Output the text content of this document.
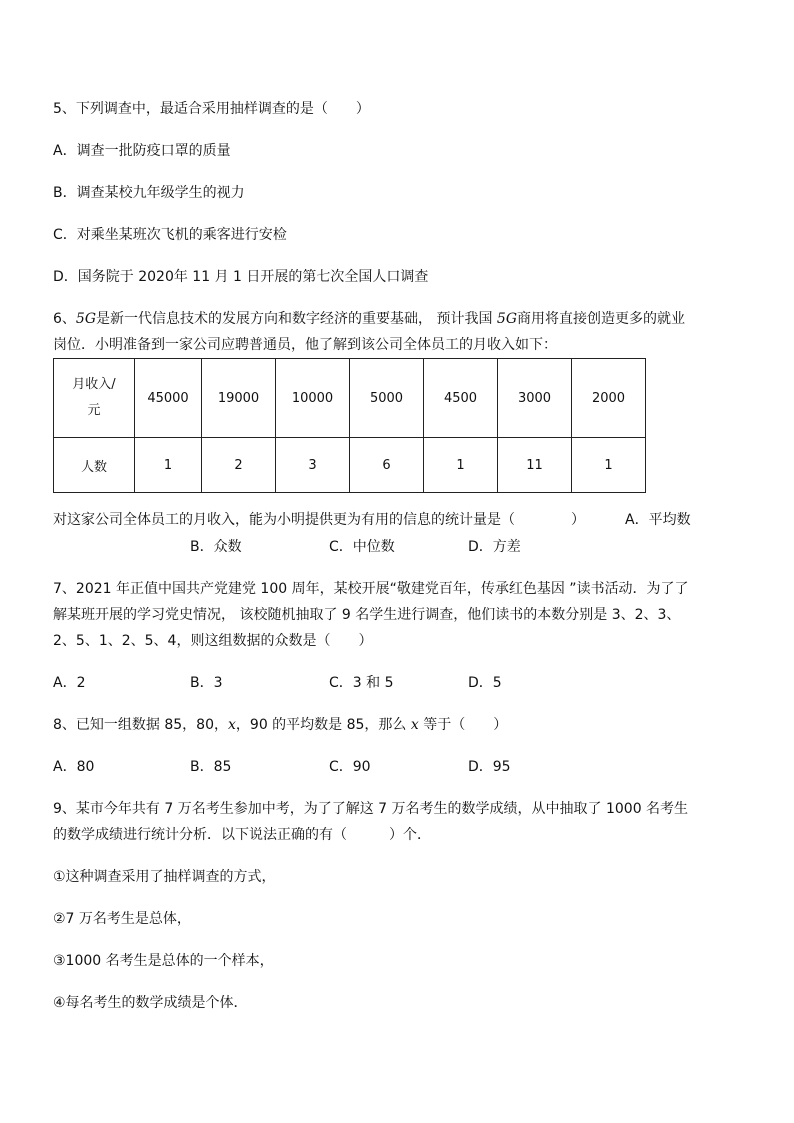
5、下列调查中，最适合采用抽样调查的是（　　）
A．调查一批防疫口罩的质量
B．调查某校九年级学生的视力
C．对乘坐某班次飞机的乘客进行安检
D．国务院于 2020年 11 月 1 日开展的第七次全国人口调查
6、5G是新一代信息技术的发展方向和数字经济的重要基础， 预计我国 5G商用将直接创造更多的就业
岗位．小明准备到一家公司应聘普通员，他了解到该公司全体员工的月收入如下：
月收入/元	45000	19000	10000	5000	4500	3000	2000
人数	1	2	3	6	1	11	1
对这家公司全体员工的月收入，能为小明提供更为有用的信息的统计量是（　　　　）	A．平均数
B．众数	C．中位数	D．方差
7、2021 年正值中国共产党建党 100 周年，某校开展“敬建党百年，传承红色基因 ”读书活动．为了了
解某班开展的学习党史情况， 该校随机抽取了 9 名学生进行调查，他们读书的本数分别是 3、2、3、
2、5、1、2、5、4，则这组数据的众数是（　　）
A．2	B．3	C．3 和 5	D．5
8、已知一组数据 85，80，x，90 的平均数是 85，那么 x 等于（　　）
A．80	B．85	C．90	D．95
9、某市今年共有 7 万名考生参加中考，为了了解这 7 万名考生的数学成绩，从中抽取了 1000 名考生
的数学成绩进行统计分析．以下说法正确的有（　　　）个．
①这种调查采用了抽样调查的方式，
②7 万名考生是总体，
③1000 名考生是总体的一个样本，
④每名考生的数学成绩是个体．
